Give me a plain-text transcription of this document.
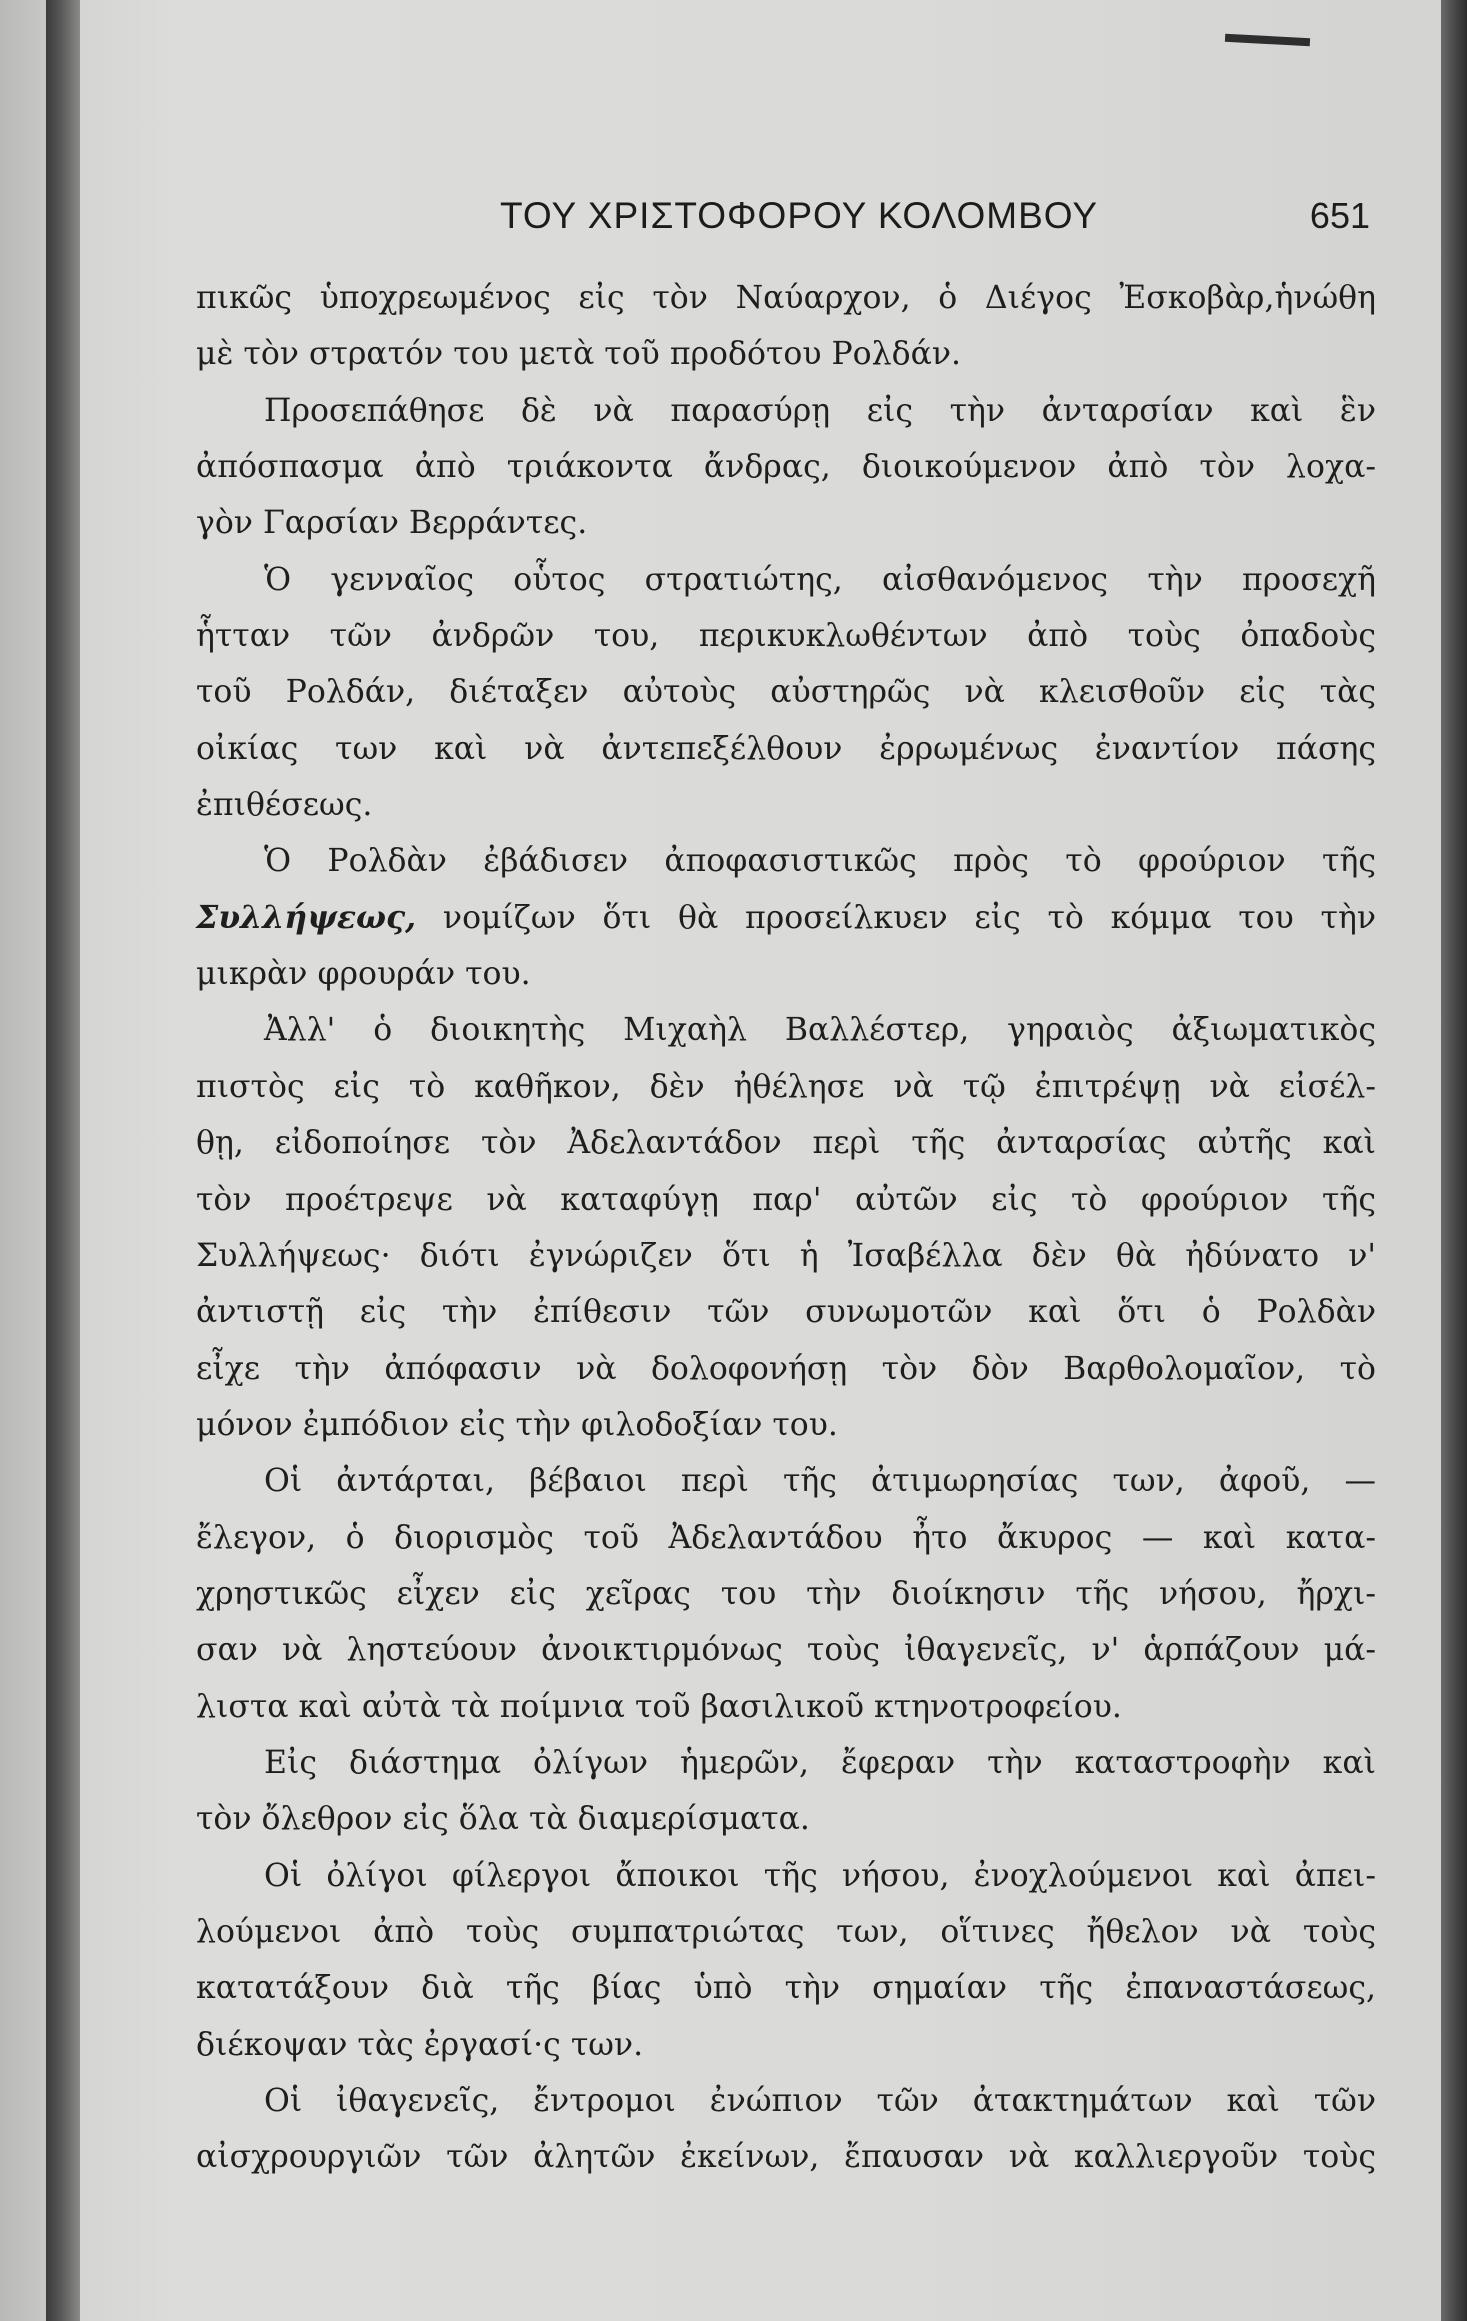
ΤΟΥ ΧΡΙΣΤΟΦΟΡΟΥ ΚΟΛΟΜΒΟΥ	651
πικῶς ὑποχρεωμένος εἰς τὸν Ναύαρχον, ὁ Διέγος Ἐσκοβὰρ,ἡνώθη
μὲ τὸν στρατόν του μετὰ τοῦ προδότου Ρολδάν.
Προσεπάθησε δὲ νὰ παρασύρῃ εἰς τὴν ἀνταρσίαν καὶ ἓν
ἀπόσπασμα ἀπὸ τριάκοντα ἄνδρας, διοικούμενον ἀπὸ τὸν λοχα-
γὸν Γαρσίαν Βερράντες.
Ὁ γενναῖος οὗτος στρατιώτης, αἰσθανόμενος τὴν προσεχῆ
ἧτταν τῶν ἀνδρῶν του, περικυκλωθέντων ἀπὸ τοὺς ὀπαδοὺς
τοῦ Ρολδάν, διέταξεν αὐτοὺς αὐστηρῶς νὰ κλεισθοῦν εἰς τὰς
οἰκίας των καὶ νὰ ἀντεπεξέλθουν ἐρρωμένως ἐναντίον πάσης
ἐπιθέσεως.
Ὁ Ρολδὰν ἐβάδισεν ἀποφασιστικῶς πρὸς τὸ φρούριον τῆς
Συλλήψεως, νομίζων ὅτι θὰ προσείλκυεν εἰς τὸ κόμμα του τὴν
μικρὰν φρουράν του.
Ἀλλ' ὁ διοικητὴς Μιχαὴλ Βαλλέστερ, γηραιὸς ἀξιωματικὸς
πιστὸς εἰς τὸ καθῆκον, δὲν ἠθέλησε νὰ τῷ ἐπιτρέψῃ νὰ εἰσέλ-
θῃ, εἰδοποίησε τὸν Ἀδελαντάδον περὶ τῆς ἀνταρσίας αὐτῆς καὶ
τὸν προέτρεψε νὰ καταφύγῃ παρ' αὐτῶν εἰς τὸ φρούριον τῆς
Συλλήψεως· διότι ἐγνώριζεν ὅτι ἡ Ἰσαβέλλα δὲν θὰ ἠδύνατο ν'
ἀντιστῇ εἰς τὴν ἐπίθεσιν τῶν συνωμοτῶν καὶ ὅτι ὁ Ρολδὰν
εἶχε τὴν ἀπόφασιν νὰ δολοφονήσῃ τὸν δὸν Βαρθολομαῖον, τὸ
μόνον ἐμπόδιον εἰς τὴν φιλοδοξίαν του.
Οἱ ἀντάρται, βέβαιοι περὶ τῆς ἀτιμωρησίας των, ἀφοῦ, —
ἔλεγον, ὁ διορισμὸς τοῦ Ἀδελαντάδου ἦτο ἄκυρος — καὶ κατα-
χρηστικῶς εἶχεν εἰς χεῖρας του τὴν διοίκησιν τῆς νήσου, ἤρχι-
σαν νὰ ληστεύουν ἀνοικτιρμόνως τοὺς ἰθαγενεῖς, ν' ἁρπάζουν μά-
λιστα καὶ αὐτὰ τὰ ποίμνια τοῦ βασιλικοῦ κτηνοτροφείου.
Εἰς διάστημα ὀλίγων ἡμερῶν, ἔφεραν τὴν καταστροφὴν καὶ
τὸν ὄλεθρον εἰς ὅλα τὰ διαμερίσματα.
Οἱ ὀλίγοι φίλεργοι ἄποικοι τῆς νήσου, ἐνοχλούμενοι καὶ ἀπει-
λούμενοι ἀπὸ τοὺς συμπατριώτας των, οἵτινες ἤθελον νὰ τοὺς
κατατάξουν διὰ τῆς βίας ὑπὸ τὴν σημαίαν τῆς ἐπαναστάσεως,
διέκοψαν τὰς ἐργασί·ς των.
Οἱ ἰθαγενεῖς, ἔντρομοι ἐνώπιον τῶν ἀτακτημάτων καὶ τῶν
αἰσχρουργιῶν τῶν ἀλητῶν ἐκείνων, ἔπαυσαν νὰ καλλιεργοῦν τοὺς
